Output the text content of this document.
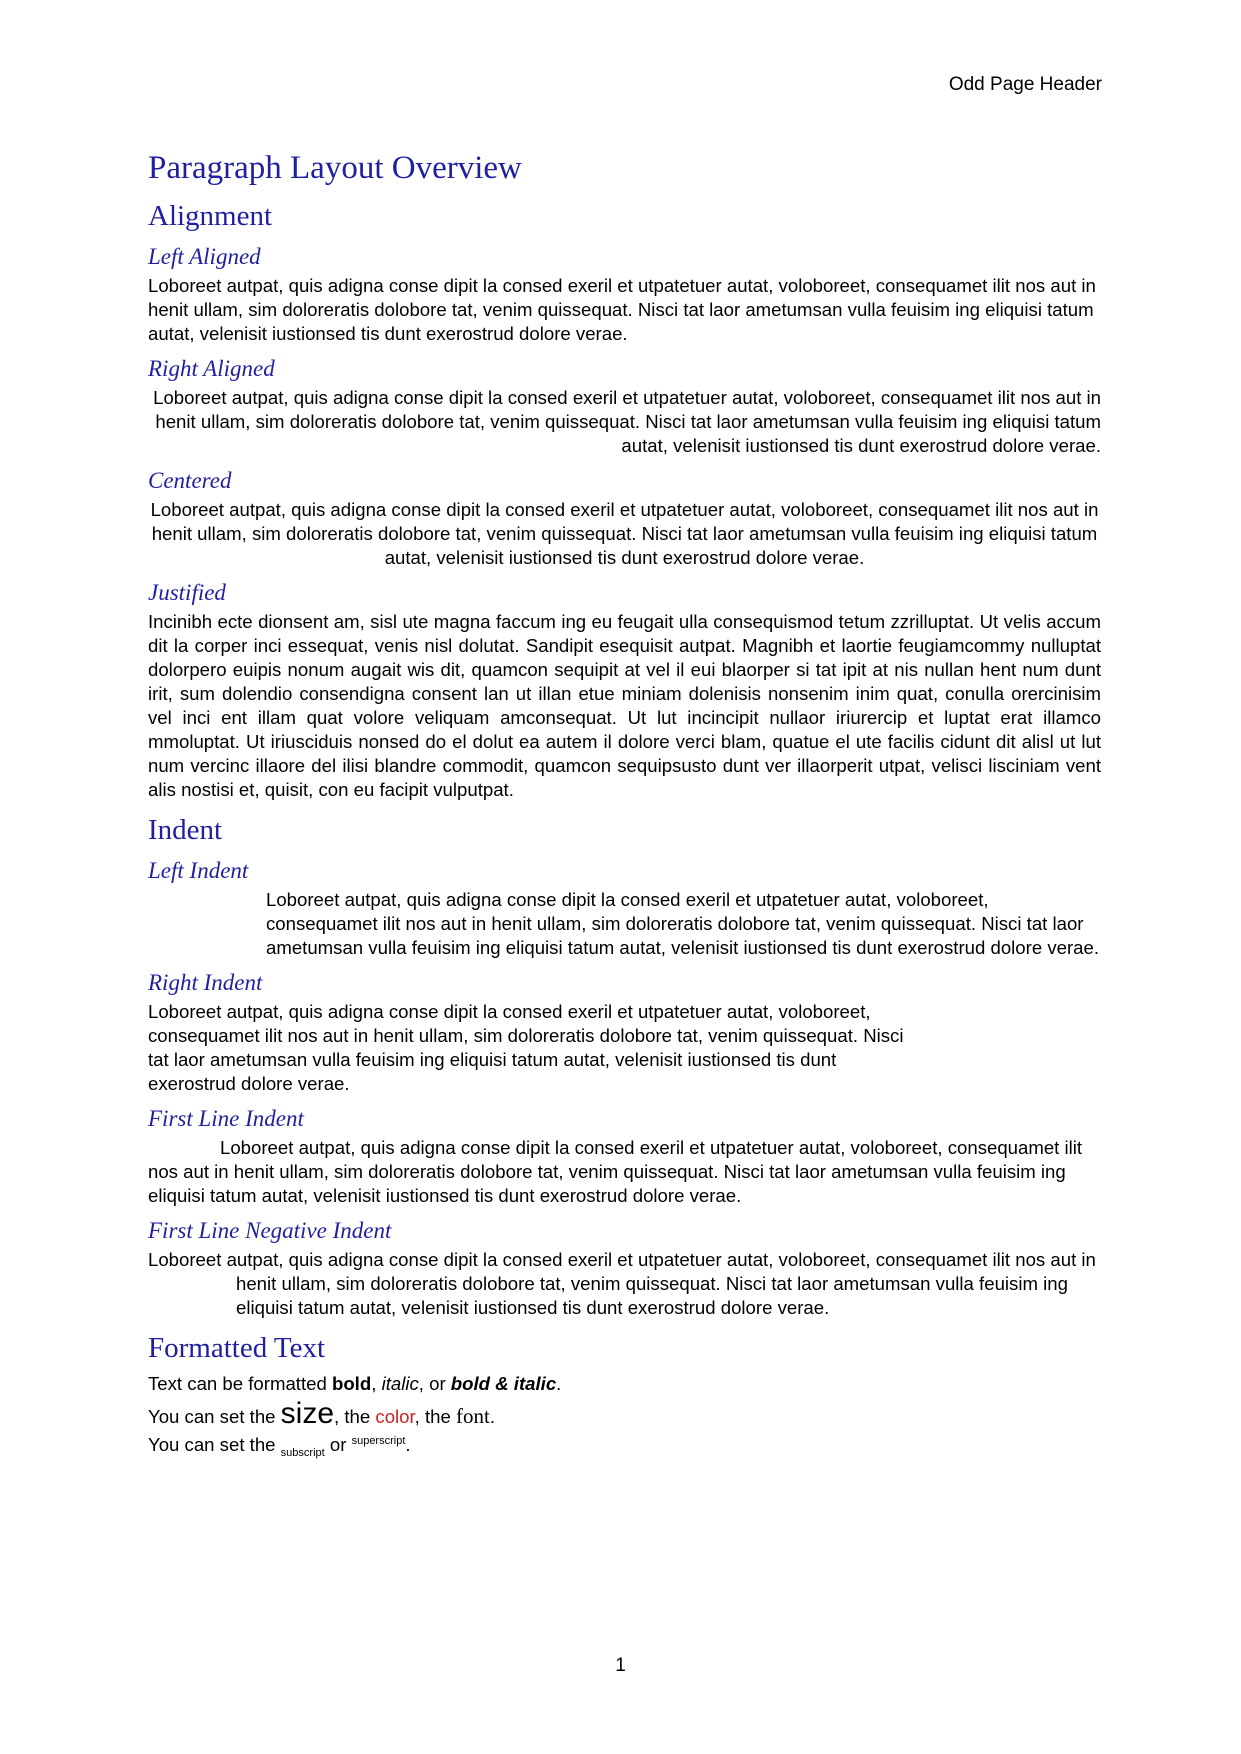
Odd Page Header
Paragraph Layout Overview
Alignment
Left Aligned

Loboreet autpat, quis adigna conse dipit la consed exeril et utpatetuer autat, voloboreet, consequamet ilit nos aut in henit ullam, sim doloreratis dolobore tat, venim quissequat. Nisci tat laor ametumsan vulla feuisim ing eliquisi tatum autat, velenisit iustionsed tis dunt exerostrud dolore verae.

Right Aligned

Loboreet autpat, quis adigna conse dipit la consed exeril et utpatetuer autat, voloboreet, consequamet ilit nos aut in henit ullam, sim doloreratis dolobore tat, venim quissequat. Nisci tat laor ametumsan vulla feuisim ing eliquisi tatum autat, velenisit iustionsed tis dunt exerostrud dolore verae.

Centered

Loboreet autpat, quis adigna conse dipit la consed exeril et utpatetuer autat, voloboreet, consequamet ilit nos aut in henit ullam, sim doloreratis dolobore tat, venim quissequat. Nisci tat laor ametumsan vulla feuisim ing eliquisi tatum autat, velenisit iustionsed tis dunt exerostrud dolore verae.

Justified

Incinibh ecte dionsent am, sisl ute magna faccum ing eu feugait ulla consequismod tetum zzrilluptat. Ut velis accum dit la corper inci essequat, venis nisl dolutat. Sandipit esequisit autpat. Magnibh et laortie feugiamcommy nulluptat dolorpero euipis nonum augait wis dit, quamcon sequipit at vel il eui blaorper si tat ipit at nis nullan hent num dunt irit, sum dolendio consendigna consent lan ut illan etue miniam dolenisis nonsenim inim quat, conulla orercinisim vel inci ent illam quat volore veliquam amconsequat. Ut lut incincipit nullaor iriurercip et luptat erat illamco mmoluptat. Ut iriusciduis nonsed do el dolut ea autem il dolore verci blam, quatue el ute facilis cidunt dit alisl ut lut num vercinc illaore del ilisi blandre commodit, quamcon sequipsusto dunt ver illaorperit utpat, velisci lisciniam vent alis nostisi et, quisit, con eu facipit vulputpat.

Indent
Left Indent

Loboreet autpat, quis adigna conse dipit la consed exeril et utpatetuer autat, voloboreet, consequamet ilit nos aut in henit ullam, sim doloreratis dolobore tat, venim quissequat. Nisci tat laor ametumsan vulla feuisim ing eliquisi tatum autat, velenisit iustionsed tis dunt exerostrud dolore verae.

Right Indent

Loboreet autpat, quis adigna conse dipit la consed exeril et utpatetuer autat, voloboreet, consequamet ilit nos aut in henit ullam, sim doloreratis dolobore tat, venim quissequat. Nisci tat laor ametumsan vulla feuisim ing eliquisi tatum autat, velenisit iustionsed tis dunt exerostrud dolore verae.

First Line Indent

Loboreet autpat, quis adigna conse dipit la consed exeril et utpatetuer autat, voloboreet, consequamet ilit nos aut in henit ullam, sim doloreratis dolobore tat, venim quissequat. Nisci tat laor ametumsan vulla feuisim ing eliquisi tatum autat, velenisit iustionsed tis dunt exerostrud dolore verae.

First Line Negative Indent

Loboreet autpat, quis adigna conse dipit la consed exeril et utpatetuer autat, voloboreet, consequamet ilit nos aut in henit ullam, sim doloreratis dolobore tat, venim quissequat. Nisci tat laor ametumsan vulla feuisim ing eliquisi tatum autat, velenisit iustionsed tis dunt exerostrud dolore verae.

Formatted Text

Text can be formatted bold, italic, or bold & italic.

You can set the size, the color, the font.

You can set the $_{subscript}$ or $^{superscript}$.

1
